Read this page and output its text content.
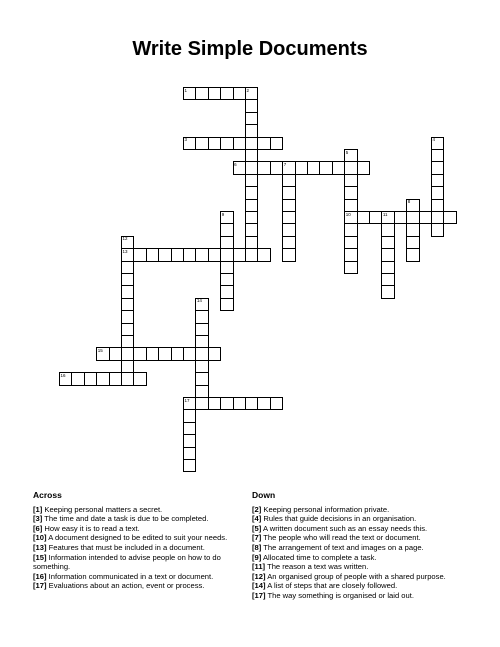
Write Simple Documents
1	2
3	4
5
6	7
8
9	10	11
12
13
14
15
16
17
Across

[1] Keeping personal matters a secret.

[3] The time and date a task is due to be completed.

[6] How easy it is to read a text.

[10] A document designed to be edited to suit your needs.

[13] Features that must be included in a document.

[15] Information intended to advise people on how to do something.

[16] Information communicated in a text or document.

[17] Evaluations about an action, event or process.

Down

[2] Keeping personal information private.

[4] Rules that guide decisions in an organisation.

[5] A written document such as an essay needs this.

[7] The people who will read the text or document.

[8] The arrangement of text and images on a page.

[9] Allocated time to complete a task.

[11] The reason a text was written.

[12] An organised group of people with a shared purpose.

[14] A list of steps that are closely followed.

[17] The way something is organised or laid out.
